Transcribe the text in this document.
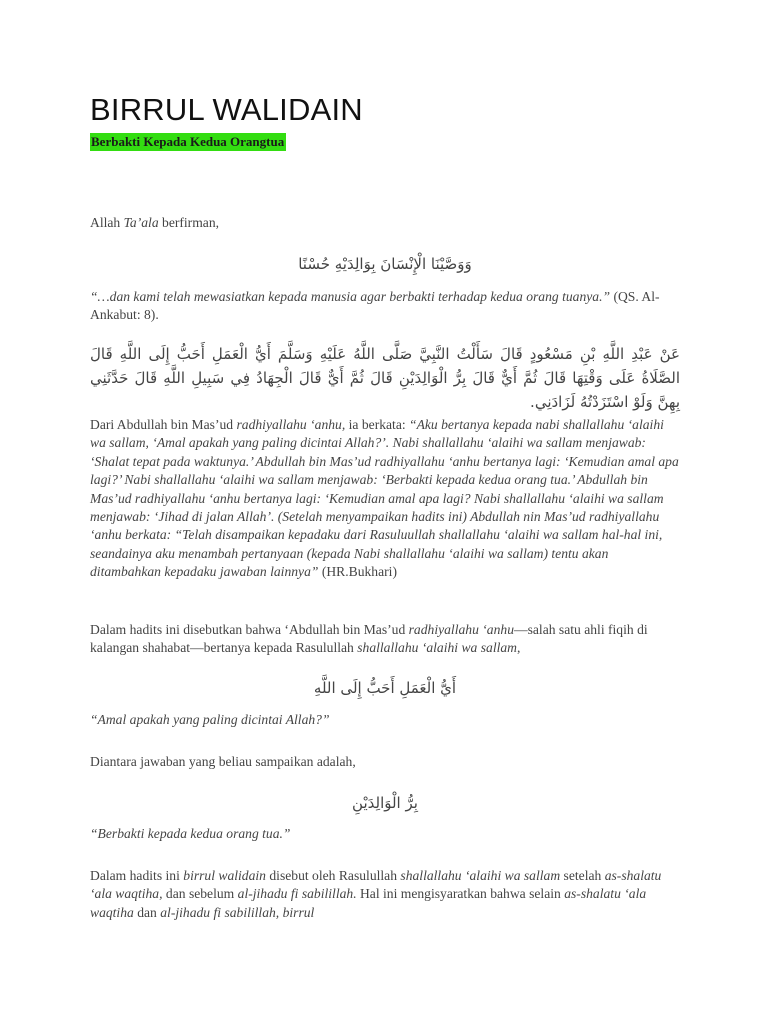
BIRRUL WALIDAIN
Berbakti Kepada Kedua Orangtua

Allah Ta’ala berfirman,

وَوَصَّيْنَا الْإِنْسَانَ بِوَالِدَيْهِ حُسْنًا

“…dan kami telah mewasiatkan kepada manusia agar berbakti terhadap kedua orang tuanya.” (QS. Al-Ankabut: 8).

عَنْ عَبْدِ اللَّهِ بْنِ مَسْعُودٍ قَالَ سَأَلْتُ النَّبِيَّ صَلَّى اللَّهُ عَلَيْهِ وَسَلَّمَ أَيُّ الْعَمَلِ أَحَبُّ إِلَى اللَّهِ قَالَ الصَّلَاةُ عَلَى وَقْتِهَا قَالَ ثُمَّ أَيٌّ قَالَ بِرُّ الْوَالِدَيْنِ قَالَ ثُمَّ أَيٌّ قَالَ الْجِهَادُ فِي سَبِيلِ اللَّهِ قَالَ حَدَّثَنِي بِهِنَّ وَلَوْ اسْتَزَدْتُهُ لَزَادَنِي.

Dari Abdullah bin Mas’ud radhiyallahu ‘anhu, ia berkata: “Aku bertanya kepada nabi shallallahu ‘alaihi wa sallam, ‘Amal apakah yang paling dicintai Allah?’. Nabi shallallahu ‘alaihi wa sallam menjawab: ‘Shalat tepat pada waktunya.’ Abdullah bin Mas’ud radhiyallahu ‘anhu bertanya lagi: ‘Kemudian amal apa lagi?’ Nabi shallallahu ‘alaihi wa sallam menjawab: ‘Berbakti kepada kedua orang tua.’ Abdullah bin Mas’ud radhiyallahu ‘anhu bertanya lagi: ‘Kemudian amal apa lagi? Nabi shallallahu ‘alaihi wa sallam menjawab: ‘Jihad di jalan Allah’. (Setelah menyampaikan hadits ini) Abdullah nin Mas’ud radhiyallahu ‘anhu berkata: “Telah disampaikan kepadaku dari Rasuluullah shallallahu ‘alaihi wa sallam hal-hal ini, seandainya aku menambah pertanyaan (kepada Nabi shallallahu ‘alaihi wa sallam) tentu akan ditambahkan kepadaku jawaban lainnya” (HR.Bukhari)

Dalam hadits ini disebutkan bahwa ‘Abdullah bin Mas’ud radhiyallahu ‘anhu—salah satu ahli fiqih di kalangan shahabat—bertanya kepada Rasulullah shallallahu ‘alaihi wa sallam,

أَيُّ الْعَمَلِ أَحَبُّ إِلَى اللَّهِ

“Amal apakah yang paling dicintai Allah?”

Diantara jawaban yang beliau sampaikan adalah,

بِرُّ الْوَالِدَيْنِ

“Berbakti kepada kedua orang tua.”

Dalam hadits ini birrul walidain disebut oleh Rasulullah shallallahu ‘alaihi wa sallam setelah as-shalatu ‘ala waqtiha, dan sebelum al-jihadu fi sabilillah. Hal ini mengisyaratkan bahwa selain as-shalatu ‘ala waqtiha dan al-jihadu fi sabilillah, birrul
